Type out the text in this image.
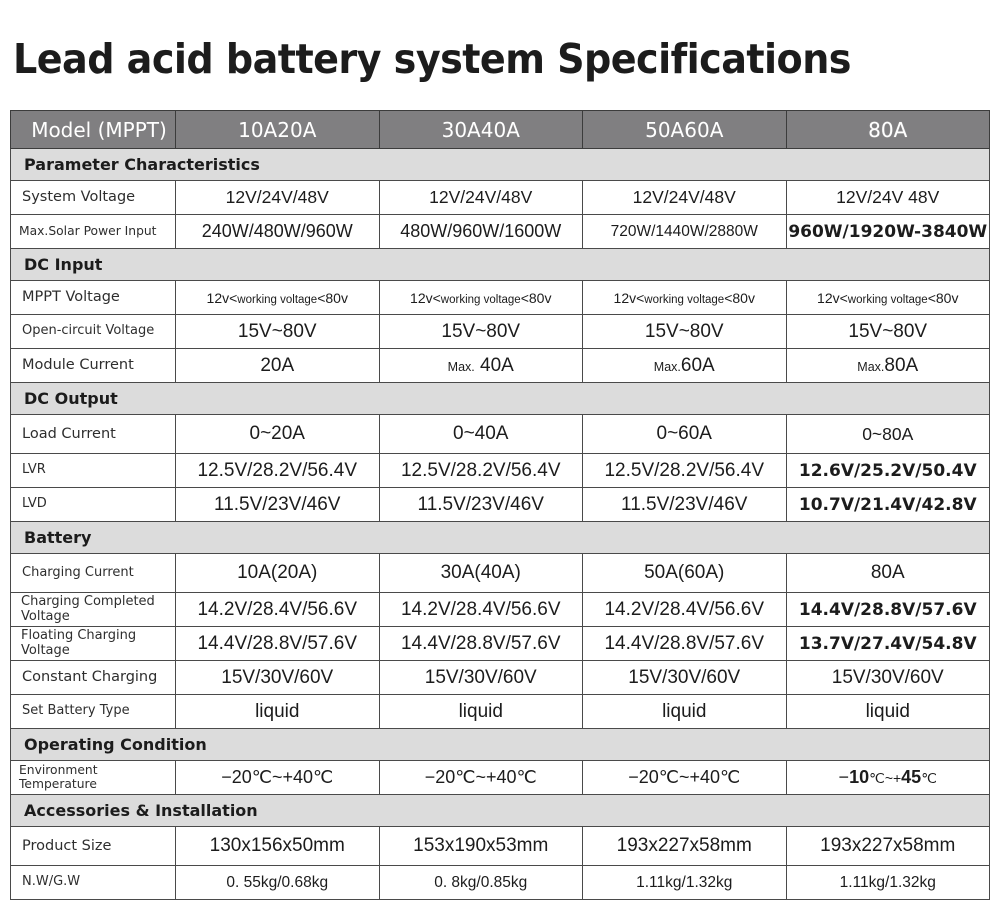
Lead acid battery system Specifications
Model (MPPT)	10A20A	30A40A	50A60A	80A
Parameter Characteristics				
System Voltage	12V/24V/48V	12V/24V/48V	12V/24V/48V	12V/24V 48V
Max.Solar Power Input	240W/480W/960W	480W/960W/1600W	720W/1440W/2880W	960W/1920W-3840W
DC Input				
MPPT Voltage	12v<working voltage<80v	12v<working voltage<80v	12v<working voltage<80v	12v<working voltage<80v
Open-circuit Voltage	15V~80V	15V~80V	15V~80V	15V~80V
Module Current	20A	Max. 40A	Max.60A	Max.80A
DC Output				
Load Current	0~20A	0~40A	0~60A	0~80A
LVR	12.5V/28.2V/56.4V	12.5V/28.2V/56.4V	12.5V/28.2V/56.4V	12.6V/25.2V/50.4V
LVD	11.5V/23V/46V	11.5V/23V/46V	11.5V/23V/46V	10.7V/21.4V/42.8V
Battery				
Charging Current	10A(20A)	30A(40A)	50A(60A)	80A
Charging Completed
Voltage	14.2V/28.4V/56.6V	14.2V/28.4V/56.6V	14.2V/28.4V/56.6V	14.4V/28.8V/57.6V
Floating Charging
Voltage	14.4V/28.8V/57.6V	14.4V/28.8V/57.6V	14.4V/28.8V/57.6V	13.7V/27.4V/54.8V
Constant Charging	15V/30V/60V	15V/30V/60V	15V/30V/60V	15V/30V/60V
Set Battery Type	liquid	liquid	liquid	liquid
Operating Condition				
Environment Temperature	−20℃~+40℃	−20℃~+40℃	−20℃~+40℃	−10℃~+45℃
Accessories & Installation				
Product Size	130x156x50mm	153x190x53mm	193x227x58mm	193x227x58mm
N.W/G.W	0. 55kg/0.68kg	0. 8kg/0.85kg	1.11kg/1.32kg	1.11kg/1.32kg
